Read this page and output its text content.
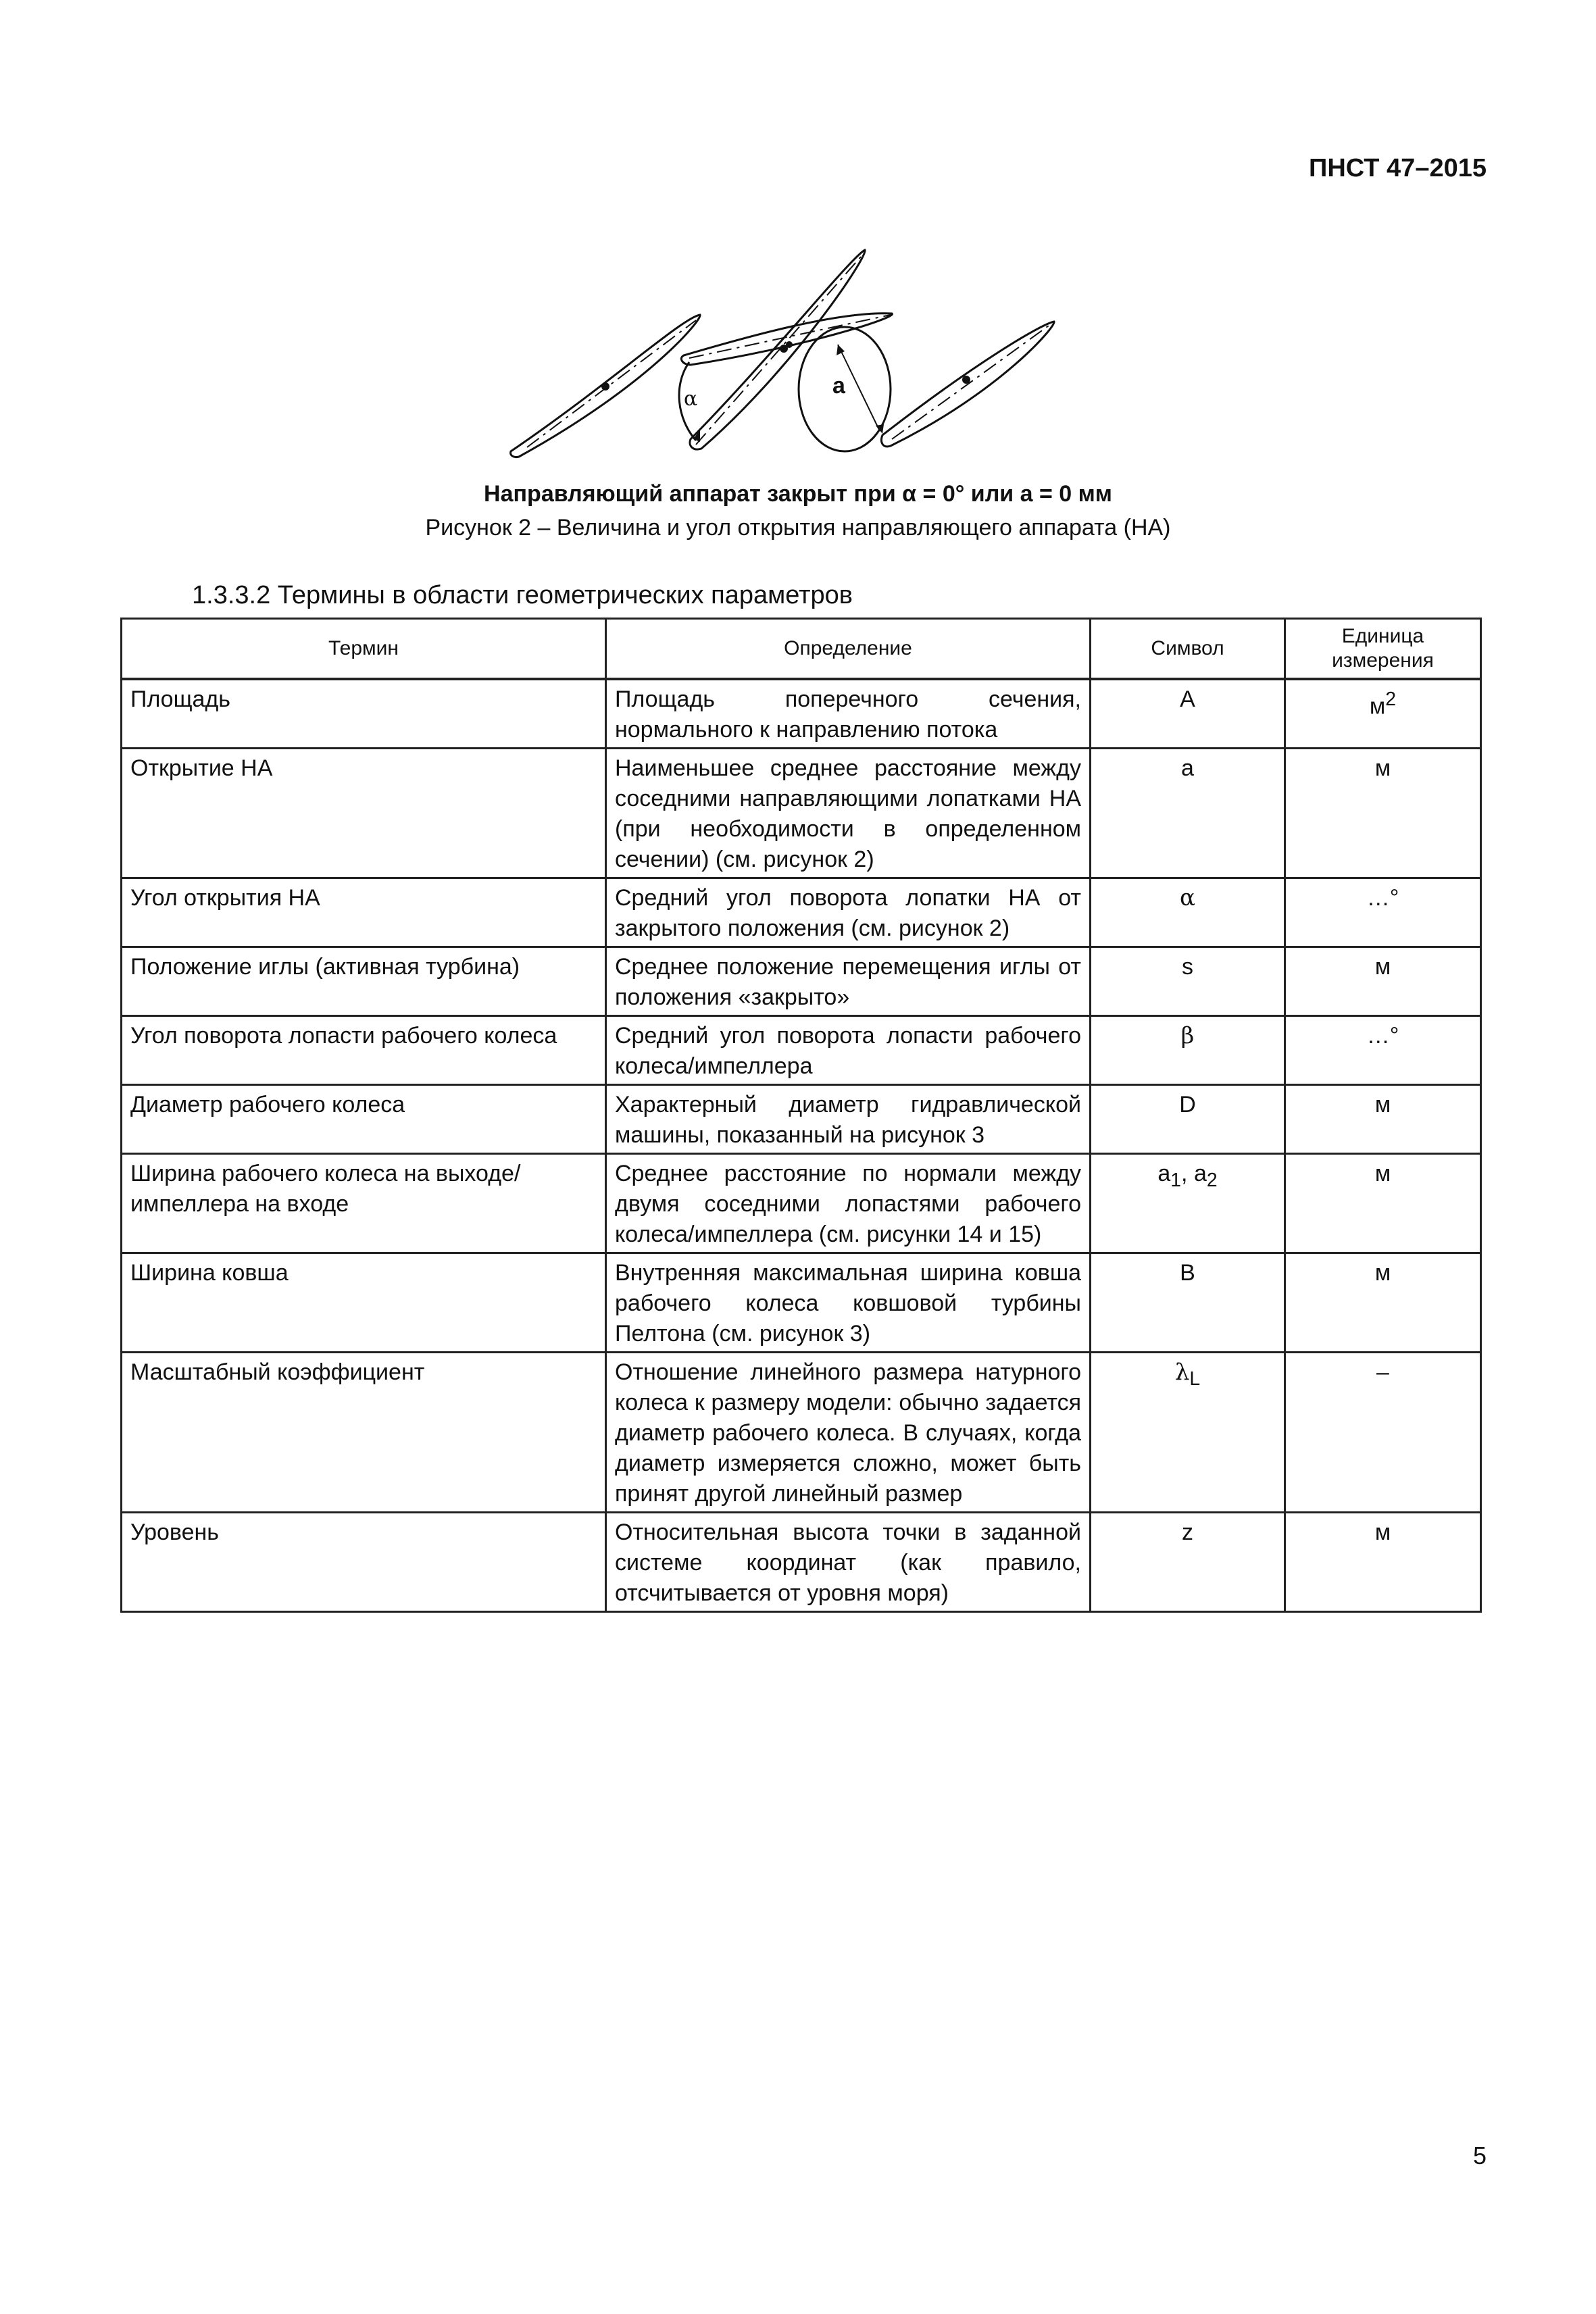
ПНСТ 47–2015
α
a
Направляющий аппарат закрыт при α = 0° или a = 0 мм
Рисунок 2 – Величина и угол открытия направляющего аппарата (НА)
1.3.3.2 Термины в области геометрических параметров
Термин	Определение	Символ	Единица
измерения
Площадь	Площадь поперечного сечения, нормального к направлению потока	A	$м^2$
Открытие НА	Наименьшее среднее расстояние между соседними направляющими лопатками НА (при необходимости в определенном сечении) (см. рисунок 2)	a	м
Угол открытия НА	Средний угол поворота лопатки НА от закрытого положения (см. рисунок 2)	α	…°
Положение иглы (активная турбина)	Среднее положение перемещения иглы от положения «закрыто»	s	м
Угол поворота лопасти рабочего колеса	Средний угол поворота лопасти рабочего колеса/импеллера	β	…°
Диаметр рабочего колеса	Характерный диаметр гидравлической машины, показанный на рисунок 3	D	м
Ширина рабочего колеса на выходе/ импеллера на входе	Среднее расстояние по нормали между двумя соседними лопастями рабочего колеса/импеллера (см. рисунки 14 и 15)	$a_1$, $a_2$	м
Ширина ковша	Внутренняя максимальная ширина ковша рабочего колеса ковшовой турбины Пелтона (см. рисунок 3)	B	м
Масштабный коэффициент	Отношение линейного размера натурного колеса к размеру модели: обычно задается диаметр рабочего колеса. В случаях, когда диаметр измеряется сложно, может быть принят другой линейный размер	$\lambda_L$	–
Уровень	Относительная высота точки в заданной системе координат (как правило, отсчитывается от уровня моря)	z	м
5
